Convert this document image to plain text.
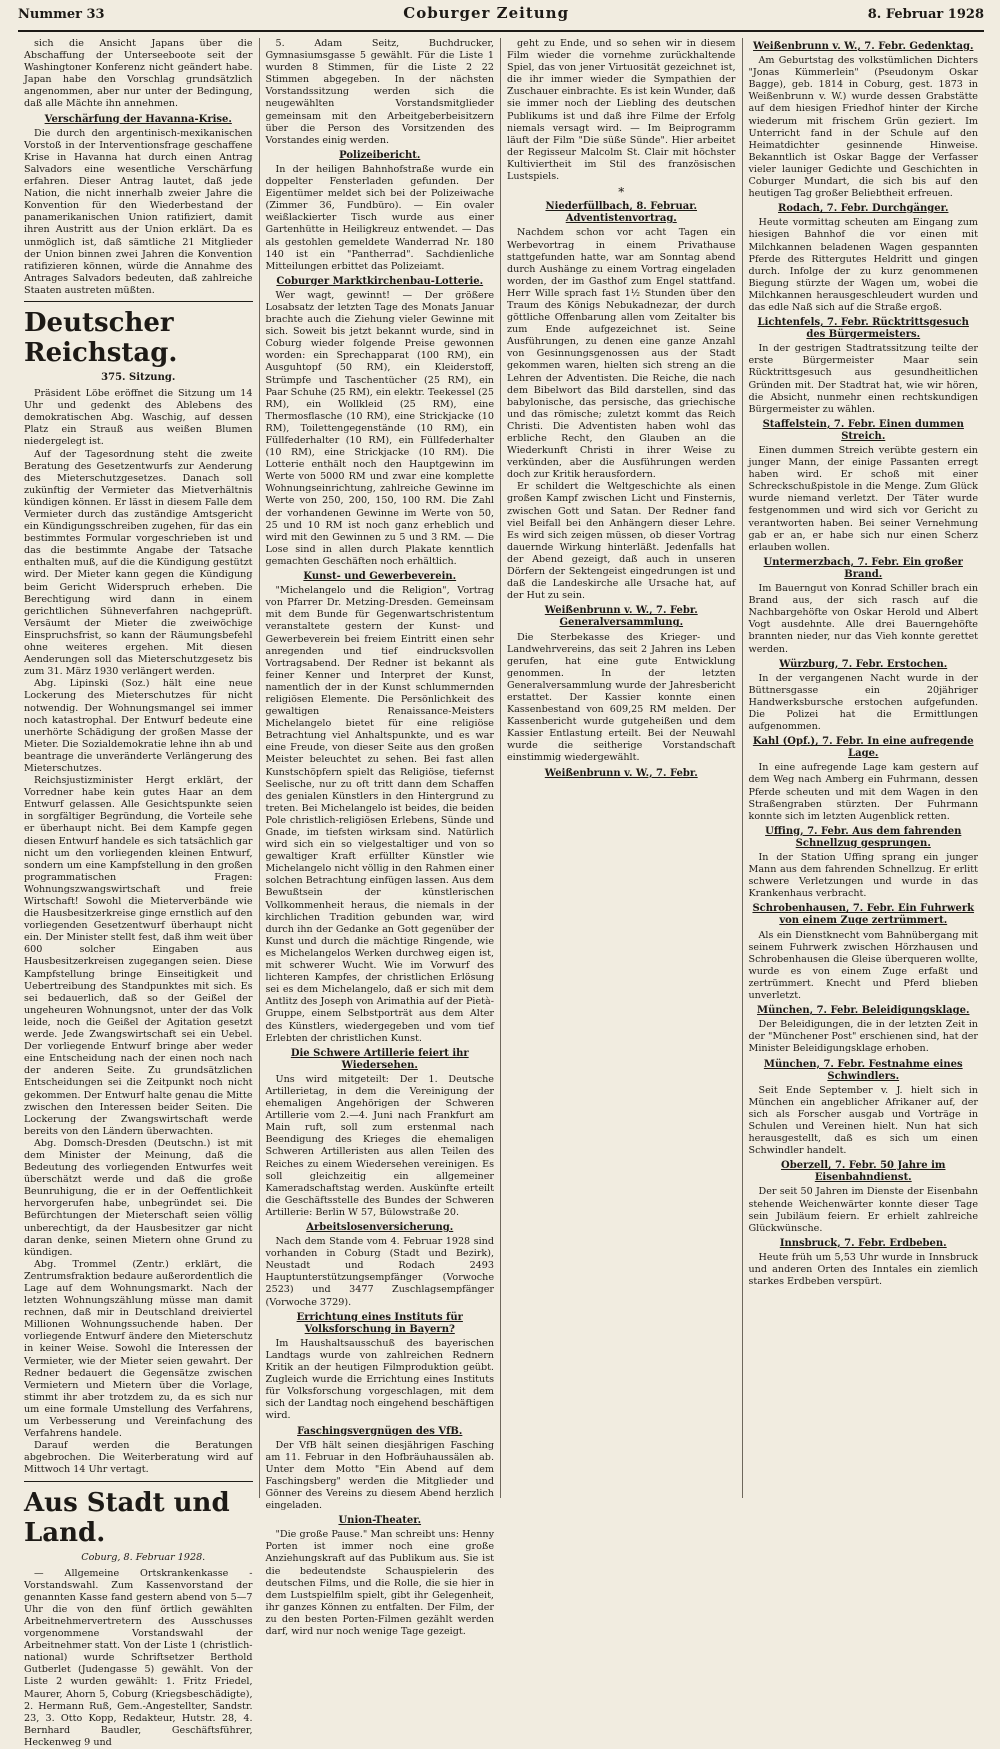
Nummer 33	Coburger Zeitung	8. Februar 1928

sich die Ansicht Japans über die Abschaffung der Unterseeboote seit der Washingtoner Konferenz nicht geändert habe. Japan habe den Vorschlag grundsätzlich angenommen, aber nur unter der Bedingung, daß alle Mächte ihn annehmen.

Verschärfung der Havanna-Krise.

Die durch den argentinisch-mexikanischen Vorstoß in der Interventionsfrage geschaffene Krise in Havanna hat durch einen Antrag Salvadors eine wesentliche Verschärfung erfahren. Dieser Antrag lautet, daß jede Nation, die nicht innerhalb zweier Jahre die Konvention für den Wiederbestand der panamerikanischen Union ratifiziert, damit ihren Austritt aus der Union erklärt. Da es unmöglich ist, daß sämtliche 21 Mitglieder der Union binnen zwei Jahren die Konvention ratifizieren können, würde die Annahme des Antrages Salvadors bedeuten, daß zahlreiche Staaten austreten müßten.

Deutscher Reichstag.
375. Sitzung.

Präsident Löbe eröffnet die Sitzung um 14 Uhr und gedenkt des Ablebens des demokratischen Abg. Waschig, auf dessen Platz ein Strauß aus weißen Blumen niedergelegt ist.

Auf der Tagesordnung steht die zweite Beratung des Gesetzentwurfs zur Aenderung des Mieterschutzgesetzes. Danach soll zukünftig der Vermieter das Mietverhältnis kündigen können. Er lässt in diesem Falle dem Vermieter durch das zuständige Amtsgericht ein Kündigungsschreiben zugehen, für das ein bestimmtes Formular vorgeschrieben ist und das die bestimmte Angabe der Tatsache enthalten muß, auf die die Kündigung gestützt wird. Der Mieter kann gegen die Kündigung beim Gericht Widerspruch erheben. Die Berechtigung wird dann in einem gerichtlichen Sühneverfahren nachgeprüft. Versäumt der Mieter die zweiwöchige Einspruchsfrist, so kann der Räumungsbefehl ohne weiteres ergehen. Mit diesen Aenderungen soll das Mieterschutzgesetz bis zum 31. März 1930 verlängert werden.

Abg. Lipinski (Soz.) hält eine neue Lockerung des Mieterschutzes für nicht notwendig. Der Wohnungsmangel sei immer noch katastrophal. Der Entwurf bedeute eine unerhörte Schädigung der großen Masse der Mieter. Die Sozialdemokratie lehne ihn ab und beantrage die unveränderte Verlängerung des Mieterschutzes.

Reichsjustizminister Hergt erklärt, der Vorredner habe kein gutes Haar an dem Entwurf gelassen. Alle Gesichtspunkte seien in sorgfältiger Begründung, die Vorteile sehe er überhaupt nicht. Bei dem Kampfe gegen diesen Entwurf handele es sich tatsächlich gar nicht um den vorliegenden kleinen Entwurf, sondern um eine Kampfstellung in den großen programmatischen Fragen: Wohnungszwangswirtschaft und freie Wirtschaft! Sowohl die Mieterverbände wie die Hausbesitzerkreise ginge ernstlich auf den vorliegenden Gesetzentwurf überhaupt nicht ein. Der Minister stellt fest, daß ihm weit über 600 solcher Eingaben aus Hausbesitzerkreisen zugegangen seien. Diese Kampfstellung bringe Einseitigkeit und Uebertreibung des Standpunktes mit sich. Es sei bedauerlich, daß so der Geißel der ungeheuren Wohnungsnot, unter der das Volk leide, noch die Geißel der Agitation gesetzt werde. Jede Zwangswirtschaft sei ein Uebel. Der vorliegende Entwurf bringe aber weder eine Entscheidung nach der einen noch nach der anderen Seite. Zu grundsätzlichen Entscheidungen sei die Zeitpunkt noch nicht gekommen. Der Entwurf halte genau die Mitte zwischen den Interessen beider Seiten. Die Lockerung der Zwangswirtschaft werde bereits von den Ländern überwachten.

Abg. Domsch-Dresden (Deutschn.) ist mit dem Minister der Meinung, daß die Bedeutung des vorliegenden Entwurfes weit überschätzt werde und daß die große Beunruhigung, die er in der Oeffentlichkeit hervorgerufen habe, unbegründet sei. Die Befürchtungen der Mieterschaft seien völlig unberechtigt, da der Hausbesitzer gar nicht daran denke, seinen Mietern ohne Grund zu kündigen.

Abg. Trommel (Zentr.) erklärt, die Zentrumsfraktion bedaure außerordentlich die Lage auf dem Wohnungsmarkt. Nach der letzten Wohnungszählung müsse man damit rechnen, daß mir in Deutschland dreiviertel Millionen Wohnungssuchende haben. Der vorliegende Entwurf ändere den Mieterschutz in keiner Weise. Sowohl die Interessen der Vermieter, wie der Mieter seien gewahrt. Der Redner bedauert die Gegensätze zwischen Vermietern und Mietern über die Vorlage, stimmt ihr aber trotzdem zu, da es sich nur um eine formale Umstellung des Verfahrens, um Verbesserung und Vereinfachung des Verfahrens handele.

Darauf werden die Beratungen abgebrochen. Die Weiterberatung wird auf Mittwoch 14 Uhr vertagt.

Aus Stadt und Land.

Coburg, 8. Februar 1928.

— Allgemeine Ortskrankenkasse - Vorstandswahl. Zum Kassenvorstand der genannten Kasse fand gestern abend von 5—7 Uhr die von den fünf örtlich gewählten Arbeitnehmervertretern des Ausschusses vorgenommene Vorstandswahl der Arbeitnehmer statt. Von der Liste 1 (christlich-national) wurde Schriftsetzer Berthold Gutberlet (Judengasse 5) gewählt. Von der Liste 2 wurden gewählt: 1. Fritz Friedel, Maurer, Ahorn 5, Coburg (Kriegsbeschädigte), 2. Hermann Ruß, Gem.-Angestellter, Sandstr. 23, 3. Otto Kopp, Redakteur, Hutstr. 28, 4. Bernhard Baudler, Geschäftsführer, Heckenweg 9 und

5. Adam Seitz, Buchdrucker, Gymnasiumsgasse 5 gewählt. Für die Liste 1 wurden 8 Stimmen, für die Liste 2 22 Stimmen abgegeben. In der nächsten Vorstandssitzung werden sich die neugewählten Vorstandsmitglieder gemeinsam mit den Arbeitgeberbeisitzern über die Person des Vorsitzenden des Vorstandes einig werden.

Polizeibericht.

In der heiligen Bahnhofstraße wurde ein doppelter Fensterladen gefunden. Der Eigentümer meldet sich bei der Polizeiwache (Zimmer 36, Fundbüro). — Ein ovaler weißlackierter Tisch wurde aus einer Gartenhütte in Heiligkreuz entwendet. — Das als gestohlen gemeldete Wanderrad Nr. 180 140 ist ein "Pantherrad". Sachdienliche Mitteilungen erbittet das Polizeiamt.

Coburger Marktkirchenbau-Lotterie.

Wer wagt, gewinnt! — Der größere Losabsatz der letzten Tage des Monats Januar brachte auch die Ziehung vieler Gewinne mit sich. Soweit bis jetzt bekannt wurde, sind in Coburg wieder folgende Preise gewonnen worden: ein Sprechapparat (100 RM), ein Ausguhtopf (50 RM), ein Kleiderstoff, Strümpfe und Taschentücher (25 RM), ein Paar Schuhe (25 RM), ein elektr. Teekessel (25 RM), ein Wollkleid (25 RM), eine Thermosflasche (10 RM), eine Strickjacke (10 RM), Toilettengegenstände (10 RM), ein Füllfederhalter (10 RM), ein Füllfederhalter (10 RM), eine Strickjacke (10 RM). Die Lotterie enthält noch den Hauptgewinn im Werte von 5000 RM und zwar eine komplette Wohnungseinrichtung, zahlreiche Gewinne im Werte von 250, 200, 150, 100 RM. Die Zahl der vorhandenen Gewinne im Werte von 50, 25 und 10 RM ist noch ganz erheblich und wird mit den Gewinnen zu 5 und 3 RM. — Die Lose sind in allen durch Plakate kenntlich gemachten Geschäften noch erhältlich.

Kunst- und Gewerbeverein.

"Michelangelo und die Religion", Vortrag von Pfarrer Dr. Metzing-Dresden. Gemeinsam mit dem Bunde für Gegenwartschristentum veranstaltete gestern der Kunst- und Gewerbeverein bei freiem Eintritt einen sehr anregenden und tief eindrucksvollen Vortragsabend. Der Redner ist bekannt als feiner Kenner und Interpret der Kunst, namentlich der in der Kunst schlummernden religiösen Elemente. Die Persönlichkeit des gewaltigen Renaissance-Meisters Michelangelo bietet für eine religiöse Betrachtung viel Anhaltspunkte, und es war eine Freude, von dieser Seite aus den großen Meister beleuchtet zu sehen. Bei fast allen Kunstschöpfern spielt das Religiöse, tiefernst Seelische, nur zu oft tritt dann dem Schaffen des genialen Künstlers in den Hintergrund zu treten. Bei Michelangelo ist beides, die beiden Pole christlich-religiösen Erlebens, Sünde und Gnade, im tiefsten wirksam sind. Natürlich wird sich ein so vielgestaltiger und von so gewaltiger Kraft erfüllter Künstler wie Michelangelo nicht völlig in den Rahmen einer solchen Betrachtung einfügen lassen. Aus dem Bewußtsein der künstlerischen Vollkommenheit heraus, die niemals in der kirchlichen Tradition gebunden war, wird durch ihn der Gedanke an Gott gegenüber der Kunst und durch die mächtige Ringende, wie es Michelangelos Werken durchweg eigen ist, mit schwerer Wucht. Wie im Vorwurf des lichteren Kampfes, der christlichen Erlösung sei es dem Michelangelo, daß er sich mit dem Antlitz des Joseph von Arimathia auf der Pietà-Gruppe, einem Selbstporträt aus dem Alter des Künstlers, wiedergegeben und vom tief Erlebten der christlichen Kunst.

Die Schwere Artillerie feiert ihr Wiedersehen.

Uns wird mitgeteilt: Der 1. Deutsche Artillerietag, in dem die Vereinigung der ehemaligen Angehörigen der Schweren Artillerie vom 2.—4. Juni nach Frankfurt am Main ruft, soll zum erstenmal nach Beendigung des Krieges die ehemaligen Schweren Artilleristen aus allen Teilen des Reiches zu einem Wiedersehen vereinigen. Es soll gleichzeitig ein allgemeiner Kameradschaftstag werden. Auskünfte erteilt die Geschäftsstelle des Bundes der Schweren Artillerie: Berlin W 57, Bülowstraße 20.

Arbeitslosenversicherung.

Nach dem Stande vom 4. Februar 1928 sind vorhanden in Coburg (Stadt und Bezirk), Neustadt und Rodach 2493 Hauptunterstützungsempfänger (Vorwoche 2523) und 3477 Zuschlagsempfänger (Vorwoche 3729).

Errichtung eines Instituts für Volksforschung in Bayern?

Im Haushaltsausschuß des bayerischen Landtags wurde von zahlreichen Rednern Kritik an der heutigen Filmproduktion geübt. Zugleich wurde die Errichtung eines Instituts für Volksforschung vorgeschlagen, mit dem sich der Landtag noch eingehend beschäftigen wird.

Faschingsvergnügen des VfB.

Der VfB hält seinen diesjährigen Fasching am 11. Februar in den Hofbräuhaussälen ab. Unter dem Motto "Ein Abend auf dem Faschingsberg" werden die Mitglieder und Gönner des Vereins zu diesem Abend herzlich eingeladen.

Union-Theater.

"Die große Pause." Man schreibt uns: Henny Porten ist immer noch eine große Anziehungskraft auf das Publikum aus. Sie ist die bedeutendste Schauspielerin des deutschen Films, und die Rolle, die sie hier in dem Lustspielfilm spielt, gibt ihr Gelegenheit, ihr ganzes Können zu entfalten. Der Film, der zu den besten Porten-Filmen gezählt werden darf, wird nur noch wenige Tage gezeigt.

geht zu Ende, und so sehen wir in diesem Film wieder die vornehme zurückhaltende Spiel, das von jener Virtuosität gezeichnet ist, die ihr immer wieder die Sympathien der Zuschauer einbrachte. Es ist kein Wunder, daß sie immer noch der Liebling des deutschen Publikums ist und daß ihre Filme der Erfolg niemals versagt wird. — Im Beiprogramm läuft der Film "Die süße Sünde". Hier arbeitet der Regisseur Malcolm St. Clair mit höchster Kultiviertheit im Stil des französischen Lustspiels.

*
Niederfüllbach, 8. Februar. Adventistenvortrag.

Nachdem schon vor acht Tagen ein Werbevortrag in einem Privathause stattgefunden hatte, war am Sonntag abend durch Aushänge zu einem Vortrag eingeladen worden, der im Gasthof zum Engel stattfand. Herr Wille sprach fast 1½ Stunden über den Traum des Königs Nebukadnezar, der durch göttliche Offenbarung allen vom Zeitalter bis zum Ende aufgezeichnet ist. Seine Ausführungen, zu denen eine ganze Anzahl von Gesinnungsgenossen aus der Stadt gekommen waren, hielten sich streng an die Lehren der Adventisten. Die Reiche, die nach dem Bibelwort das Bild darstellen, sind das babylonische, das persische, das griechische und das römische; zuletzt kommt das Reich Christi. Die Adventisten haben wohl das erbliche Recht, den Glauben an die Wiederkunft Christi in ihrer Weise zu verkünden, aber die Ausführungen werden doch zur Kritik herausfordern.

Er schildert die Weltgeschichte als einen großen Kampf zwischen Licht und Finsternis, zwischen Gott und Satan. Der Redner fand viel Beifall bei den Anhängern dieser Lehre. Es wird sich zeigen müssen, ob dieser Vortrag dauernde Wirkung hinterläßt. Jedenfalls hat der Abend gezeigt, daß auch in unseren Dörfern der Sektengeist eingedrungen ist und daß die Landeskirche alle Ursache hat, auf der Hut zu sein.

Weißenbrunn v. W., 7. Febr. Generalversammlung.

Die Sterbekasse des Krieger- und Landwehrvereins, das seit 2 Jahren ins Leben gerufen, hat eine gute Entwicklung genommen. In der letzten Generalversammlung wurde der Jahresbericht erstattet. Der Kassier konnte einen Kassenbestand von 609,25 RM melden. Der Kassenbericht wurde gutgeheißen und dem Kassier Entlastung erteilt. Bei der Neuwahl wurde die seitherige Vorstandschaft einstimmig wiedergewählt.

Weißenbrunn v. W., 7. Febr.
Weißenbrunn v. W., 7. Febr. Gedenktag.

Am Geburtstag des volkstümlichen Dichters "Jonas Kümmerlein" (Pseudonym Oskar Bagge), geb. 1814 in Coburg, gest. 1873 in Weißenbrunn v. W.) wurde dessen Grabstätte auf dem hiesigen Friedhof hinter der Kirche wiederum mit frischem Grün geziert. Im Unterricht fand in der Schule auf den Heimatdichter gesinnende Hinweise. Bekanntlich ist Oskar Bagge der Verfasser vieler launiger Gedichte und Geschichten in Coburger Mundart, die sich bis auf den heutigen Tag großer Beliebtheit erfreuen.

Rodach, 7. Febr. Durchgänger.

Heute vormittag scheuten am Eingang zum hiesigen Bahnhof die vor einen mit Milchkannen beladenen Wagen gespannten Pferde des Rittergutes Heldritt und gingen durch. Infolge der zu kurz genommenen Biegung stürzte der Wagen um, wobei die Milchkannen herausgeschleudert wurden und das edle Naß sich auf die Straße ergoß.

Lichtenfels, 7. Febr. Rücktrittsgesuch des Bürgermeisters.

In der gestrigen Stadtratssitzung teilte der erste Bürgermeister Maar sein Rücktrittsgesuch aus gesundheitlichen Gründen mit. Der Stadtrat hat, wie wir hören, die Absicht, nunmehr einen rechtskundigen Bürgermeister zu wählen.

Staffelstein, 7. Febr. Einen dummen Streich.

Einen dummen Streich verübte gestern ein junger Mann, der einige Passanten erregt haben wird. Er schoß mit einer Schreckschußpistole in die Menge. Zum Glück wurde niemand verletzt. Der Täter wurde festgenommen und wird sich vor Gericht zu verantworten haben. Bei seiner Vernehmung gab er an, er habe sich nur einen Scherz erlauben wollen.

Untermerzbach, 7. Febr. Ein großer Brand.

Im Bauerngut von Konrad Schiller brach ein Brand aus, der sich rasch auf die Nachbargehöfte von Oskar Herold und Albert Vogt ausdehnte. Alle drei Bauerngehöfte brannten nieder, nur das Vieh konnte gerettet werden.

Würzburg, 7. Febr. Erstochen.

In der vergangenen Nacht wurde in der Büttnersgasse ein 20jähriger Handwerksbursche erstochen aufgefunden. Die Polizei hat die Ermittlungen aufgenommen.

Kahl (Opf.), 7. Febr. In eine aufregende Lage.

In eine aufregende Lage kam gestern auf dem Weg nach Amberg ein Fuhrmann, dessen Pferde scheuten und mit dem Wagen in den Straßengraben stürzten. Der Fuhrmann konnte sich im letzten Augenblick retten.

Uffing, 7. Febr. Aus dem fahrenden Schnellzug gesprungen.

In der Station Uffing sprang ein junger Mann aus dem fahrenden Schnellzug. Er erlitt schwere Verletzungen und wurde in das Krankenhaus verbracht.

Schrobenhausen, 7. Febr. Ein Fuhrwerk von einem Zuge zertrümmert.

Als ein Dienstknecht vom Bahnübergang mit seinem Fuhrwerk zwischen Hörzhausen und Schrobenhausen die Gleise überqueren wollte, wurde es von einem Zuge erfaßt und zertrümmert. Knecht und Pferd blieben unverletzt.

München, 7. Febr. Beleidigungsklage.

Der Beleidigungen, die in der letzten Zeit in der "Münchener Post" erschienen sind, hat der Minister Beleidigungsklage erhoben.

München, 7. Febr. Festnahme eines Schwindlers.

Seit Ende September v. J. hielt sich in München ein angeblicher Afrikaner auf, der sich als Forscher ausgab und Vorträge in Schulen und Vereinen hielt. Nun hat sich herausgestellt, daß es sich um einen Schwindler handelt.

Oberzell, 7. Febr. 50 Jahre im Eisenbahndienst.

Der seit 50 Jahren im Dienste der Eisenbahn stehende Weichenwärter konnte dieser Tage sein Jubiläum feiern. Er erhielt zahlreiche Glückwünsche.

Innsbruck, 7. Febr. Erdbeben.

Heute früh um 5,53 Uhr wurde in Innsbruck und anderen Orten des Inntales ein ziemlich starkes Erdbeben verspürt.
